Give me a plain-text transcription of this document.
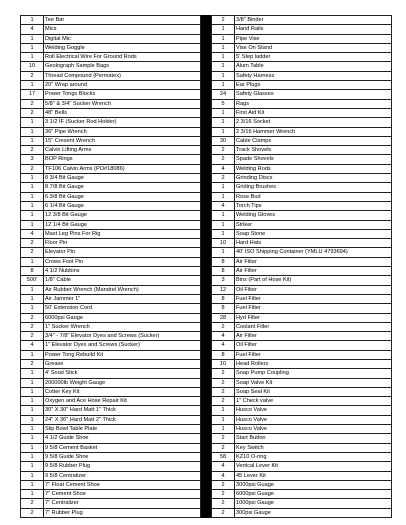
1	Tee Bar
4	Mics
1	Digital Mic
1	Welding Goggle
1	Roll Electrical Wire For Ground Rods
10	Geolograph Sample Bags
2	Thread Compound (Permatex)
1	20" Wrap around
17	Power Tongs Blocks
2	5/8" & 3/4" Sucker Wrench
2	48" Bells
1	3 1/2 IF (Sucker Rod Holder)
1	36" Pipe Wrench
1	15" Cresent Wrench
2	Calvin Lifting Arms
3	BOP Rings
2	TF106 Calvin Arms (PO#18086)
1	8 3/4 Bit Gauge
1	8 7/8 Bit Gauge
1	6 3/8 Bit Gauge
1	6 1/4 Bit Gauge
1	12 3/8 Bit Gauge
1	12 1/4 Bit Gauge
4	Mast Leg Pins For Rig
2	Floor Pin
2	Elevator Pin
1	Crows Foot Pin
8	4 1/2 Nubbins
500'	1/8" Cable
1	Air Rubber Wrench (Mandrel Wrench)
1	Air Jammer 1"
1	50' Extension Cord
2	6000psi Gauge
2	1" Sucker Wrench
2	3/4" - 7/8" Elevator Dyes and Screws (Sucker)
4	1" Elevator Dyes and Screws (Sucker)
1	Power Tong Rebuild Kit
2	Grease
1	4' Soud Stick
1	200000lb Weight Gauge
1	Cotter Key Kit
1	Oxygen and Ace Hose Repair Kit
1	30" X 30" Hard Matt 1" Thick
1	24" X 36" Hard Matt 2" Thick
1	Slip Bowl Table Plate
1	4 1/2 Guide Shoe
1	9 5/8 Cement Basket
1	9 5/8 Guide Shoe
1	9 5/8 Rubber Plug
1	9 5/8 Centralizer
1	7" Float Cement Shoe
1	7" Cement Shoe
2	7" Centralizer
2	7" Rubber Plug
2	3/8" Binder
1	Hand Rails
1	Pipe Vise
1	Vise On Stand
1	5' Step ladder
1	Alum Table
1	Safety Harness
1	Ear Plugs
24	Safety Glasses
5	Rags
1	First Aid Kit
1	2 3/16 Socket
1	2 3/16 Hammer Wrench
30	Cable Clamps
2	Track Shovels
2	Spade Shovels
4	Welding Rods
2	Grinding Discs
1	Griding Brushes
1	Rose Bud
4	Torch Tips
1	Welding Gloves
1	Striker
1	Soap Stone
10	Hard Hats
1	40' ISO Shipping Container (YMLU 4793694)
8	Air Filter
8	Air Filter
3	Bins (Part of Hose Kit)
12	Oil Filter
8	Fuel Filter
8	Fuel Filter
28	Hyd Filter
2	Coolant Filter
4	Air Filter
4	Oil Filter
8	Fuel Filter
10	Head Rollers
2	Soap Pump Coupling
2	Soap Valve Kit
2	Soap Seal Kit
2	1" Check valve
1	Husco Valve
1	Husco Valve
1	Husco Valve
2	Start Button
2	Key Switch
58	KZ10 O-ring
4	Vertical Lever Kit
4	45 Lever Kit
2	3000psi Guage
2	6000psi Guage
2	1000psi Gauge
2	300psi Gauge
